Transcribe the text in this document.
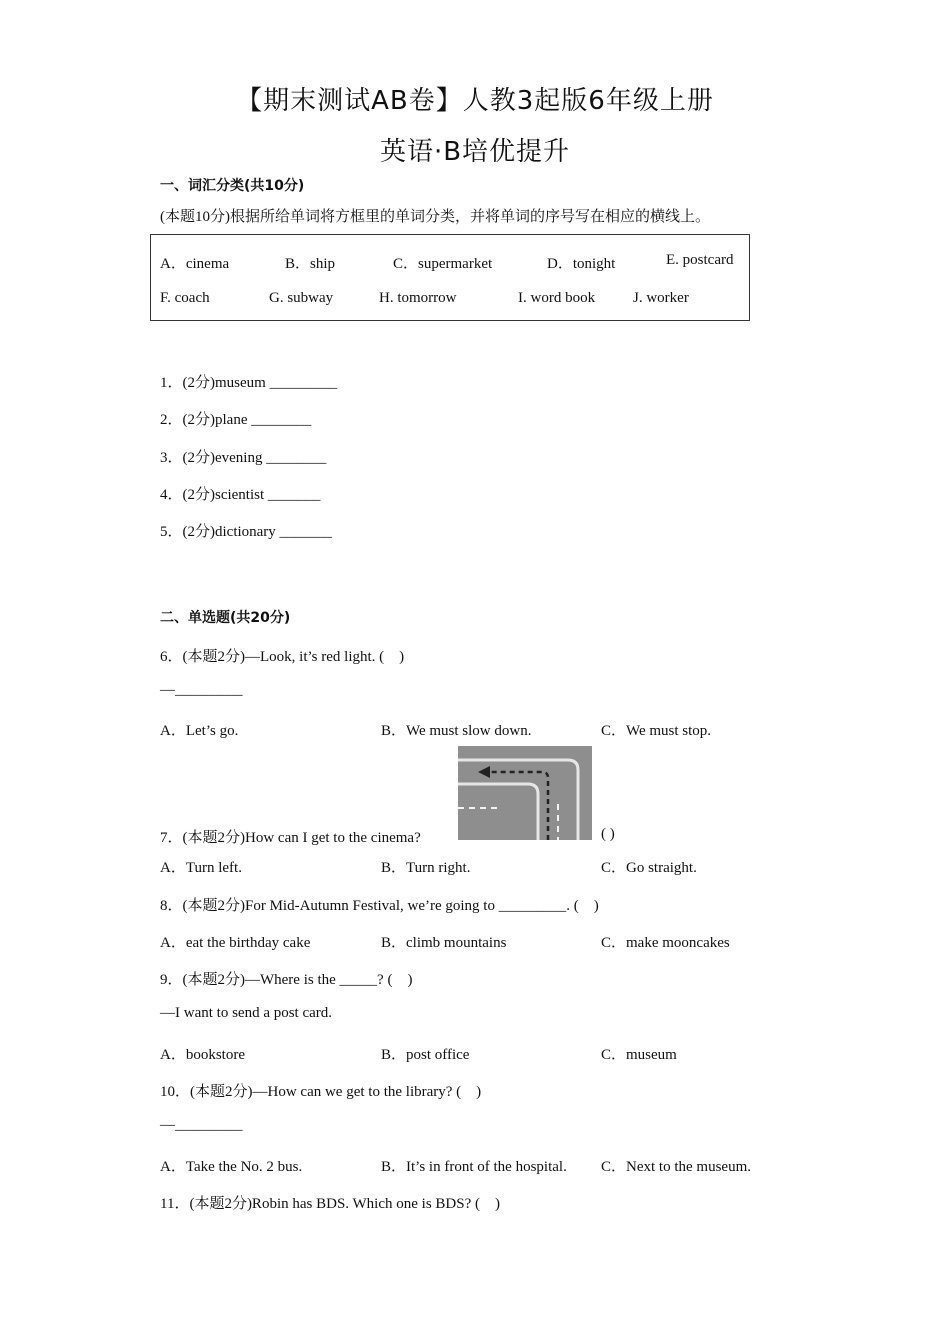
【期末测试AB卷】人教3起版6年级上册
英语·B培优提升
一、词汇分类(共10分)
(本题10分)根据所给单词将方框里的单词分类，并将单词的序号写在相应的横线上。
A．cinema	B．ship	C．supermarket	D．tonight	E. postcard
F. coach	G. subway	H. tomorrow	I. word book	J. worker
1．(2分)museum _________
2．(2分)plane ________
3．(2分)evening ________
4．(2分)scientist _______
5．(2分)dictionary _______
二、单选题(共20分)
6．(本题2分)—Look, it’s red light. (　)
—_________
A．Let’s go.	B．We must slow down.	C．We must stop.
7．(本题2分)How can I get to the cinema?	( )
A．Turn left.	B．Turn right.	C．Go straight.
8．(本题2分)For Mid-Autumn Festival, we’re going to _________. (　)
A．eat the birthday cake	B．climb mountains	C．make mooncakes
9．(本题2分)—Where is the _____? (　)
—I want to send a post card.
A．bookstore	B．post office	C．museum
10．(本题2分)—How can we get to the library? (　)
—_________
A．Take the No. 2 bus.	B．It’s in front of the hospital. C．Next to the museum.
11．(本题2分)Robin has BDS. Which one is BDS? (　)
